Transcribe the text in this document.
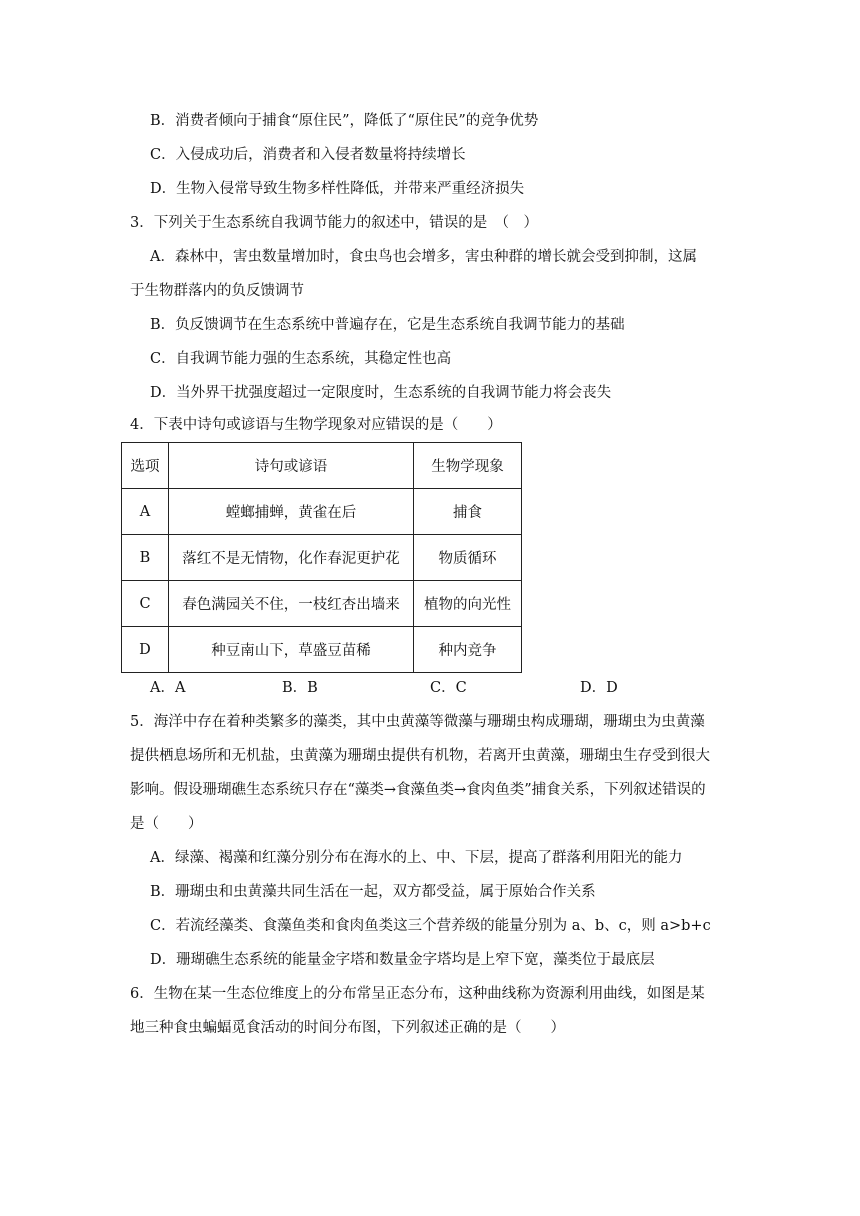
B．消费者倾向于捕食“原住民”，降低了“原住民”的竞争优势
C．入侵成功后，消费者和入侵者数量将持续增长
D．生物入侵常导致生物多样性降低，并带来严重经济损失
3．下列关于生态系统自我调节能力的叙述中，错误的是　（　）
A．森林中，害虫数量增加时，食虫鸟也会增多，害虫种群的增长就会受到抑制，这属
于生物群落内的负反馈调节
B．负反馈调节在生态系统中普遍存在，它是生态系统自我调节能力的基础
C．自我调节能力强的生态系统，其稳定性也高
D．当外界干扰强度超过一定限度时，生态系统的自我调节能力将会丧失
4．下表中诗句或谚语与生物学现象对应错误的是（　　）
选项	诗句或谚语	生物学现象
A	螳螂捕蝉，黄雀在后	捕食
B	落红不是无情物，化作春泥更护花	物质循环
C	春色满园关不住，一枝红杏出墙来	植物的向光性
D	种豆南山下，草盛豆苗稀	种内竞争
A．A	B．B	C．C	D．D
5．海洋中存在着种类繁多的藻类，其中虫黄藻等微藻与珊瑚虫构成珊瑚，珊瑚虫为虫黄藻
提供栖息场所和无机盐，虫黄藻为珊瑚虫提供有机物，若离开虫黄藻，珊瑚虫生存受到很大
影响。假设珊瑚礁生态系统只存在“藻类→食藻鱼类→食肉鱼类”捕食关系，下列叙述错误的
是（　　）
A．绿藻、褐藻和红藻分别分布在海水的上、中、下层，提高了群落利用阳光的能力
B．珊瑚虫和虫黄藻共同生活在一起，双方都受益，属于原始合作关系
C．若流经藻类、食藻鱼类和食肉鱼类这三个营养级的能量分别为 a、b、c，则 a>b+c
D．珊瑚礁生态系统的能量金字塔和数量金字塔均是上窄下宽，藻类位于最底层
6．生物在某一生态位维度上的分布常呈正态分布，这种曲线称为资源利用曲线，如图是某
地三种食虫蝙蝠觅食活动的时间分布图，下列叙述正确的是（　　）
